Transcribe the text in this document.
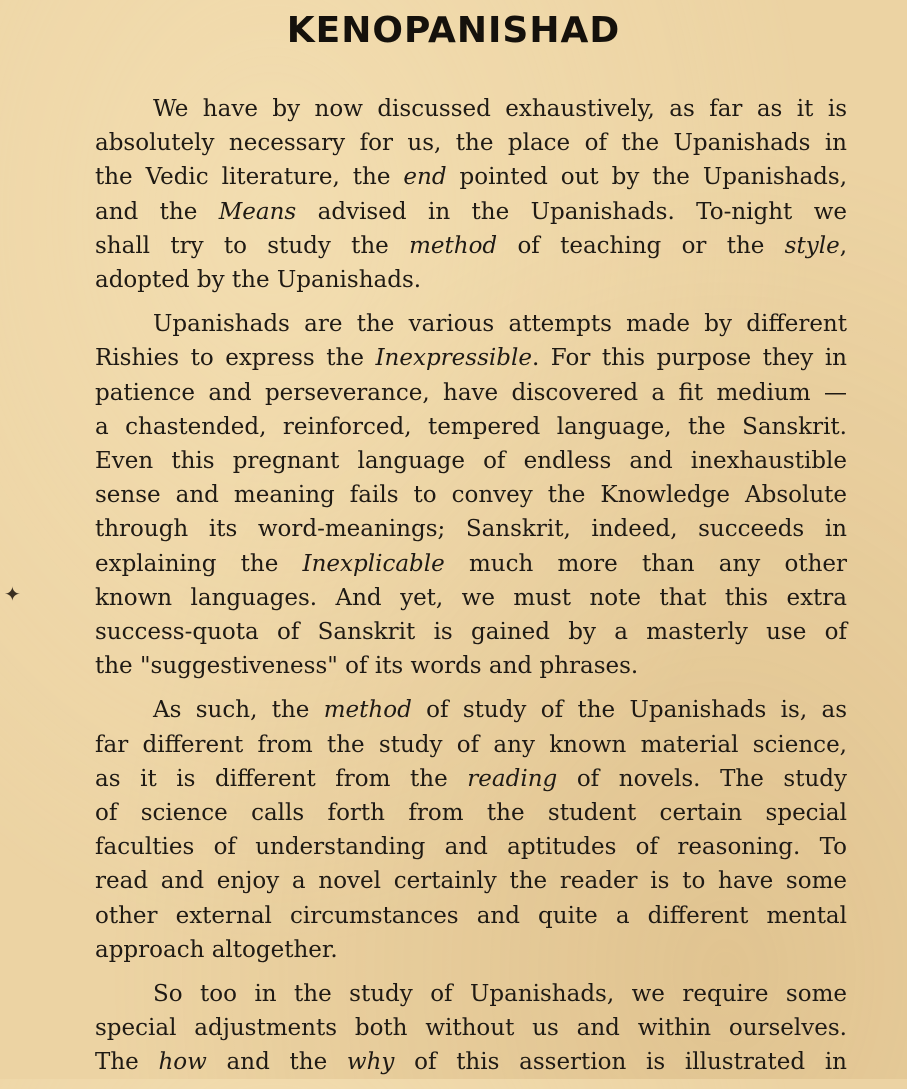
KENOPANISHAD
✦

We have by now discussed exhaustively, as far as it is
absolutely necessary for us, the place of the Upanishads in
the Vedic literature, the end pointed out by the Upanishads,
and the Means advised in the Upanishads. To-night we
shall try to study the method of teaching or the style,
adopted by the Upanishads.

Upanishads are the various attempts made by different
Rishies to express the Inexpressible. For this purpose they in
patience and perseverance, have discovered a fit medium —
a chastended, reinforced, tempered language, the Sanskrit.
Even this pregnant language of endless and inexhaustible
sense and meaning fails to convey the Knowledge Absolute
through its word-meanings; Sanskrit, indeed, succeeds in
explaining the Inexplicable much more than any other
known languages. And yet, we must note that this extra
success-quota of Sanskrit is gained by a masterly use of
the "suggestiveness" of its words and phrases.

As such, the method of study of the Upanishads is, as
far different from the study of any known material science,
as it is different from the reading of novels. The study
of science calls forth from the student certain special
faculties of understanding and aptitudes of reasoning. To
read and enjoy a novel certainly the reader is to have some
other external circumstances and quite a different mental
approach altogether.

So too in the study of Upanishads, we require some
special adjustments both without us and within ourselves.
The how and the why of this assertion is illustrated in
